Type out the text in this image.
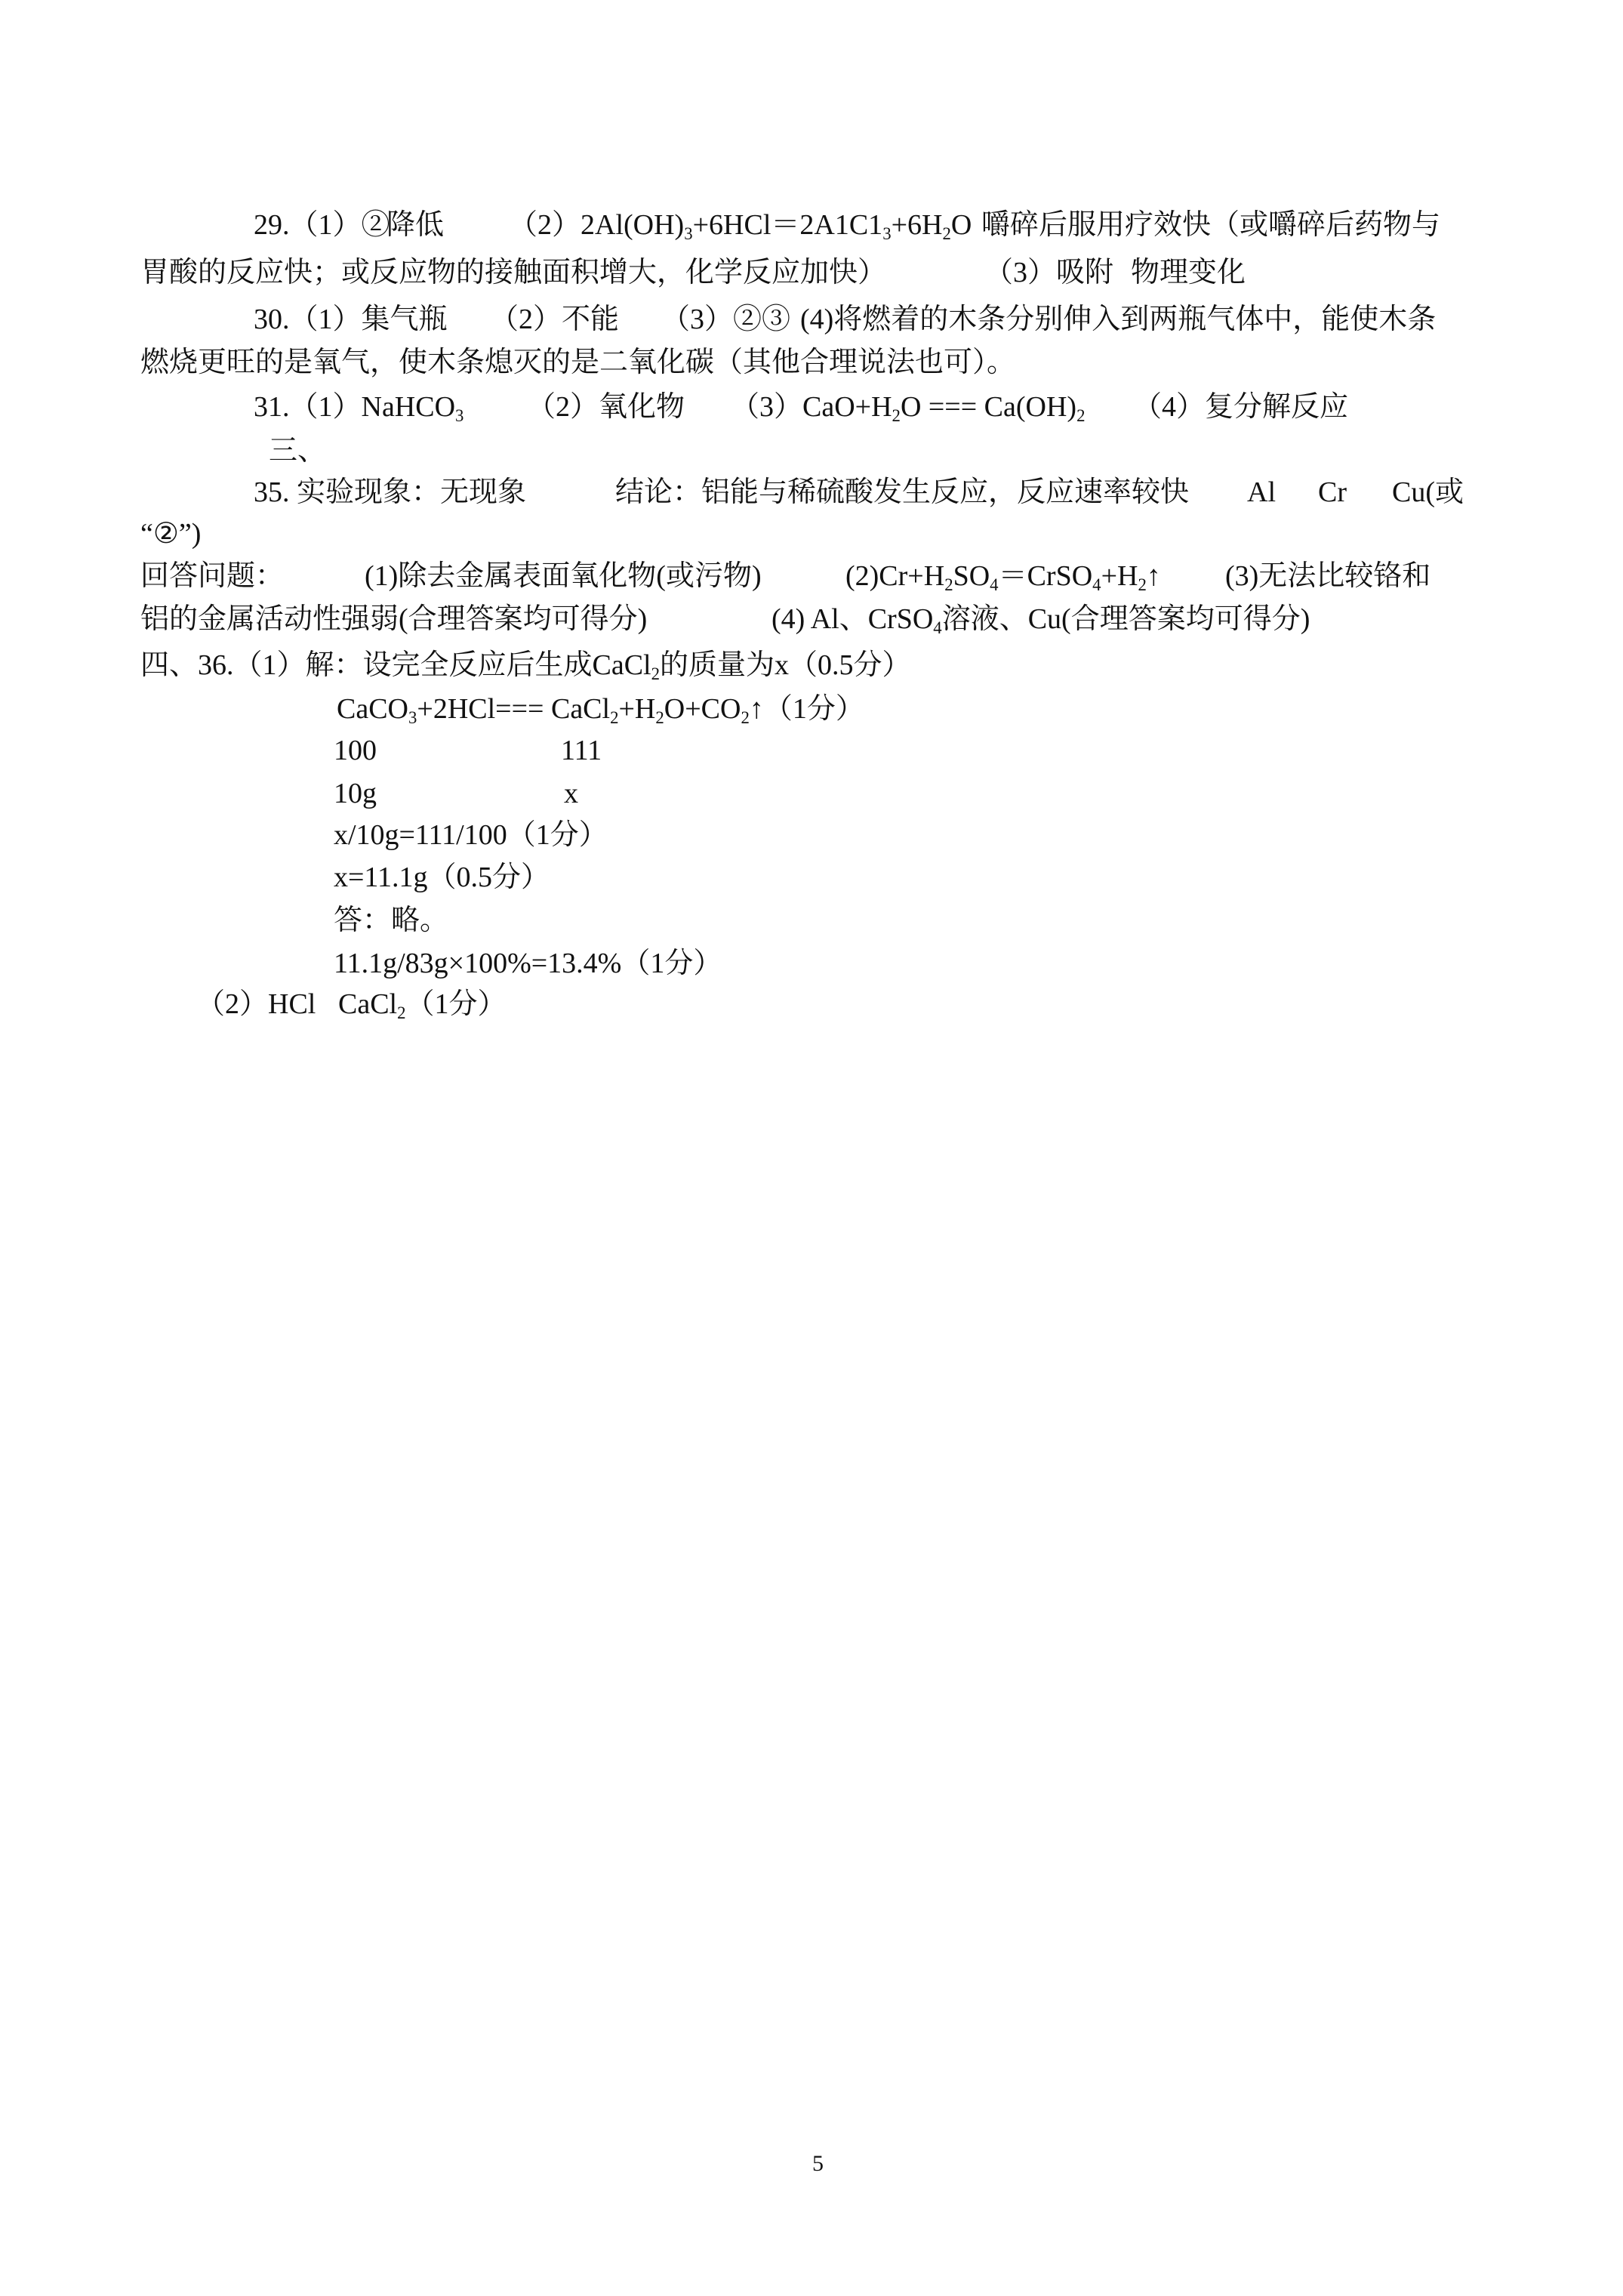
29.（1）②
降低 $(2)2Al(OH)_3+6HCl=2A1C1_3+6H_2O$ 嚼碎后服用疗效快（或嚼碎后药物与
胃酸的反应快；或反应物的接触面积增大，化学反应加快）	（3）吸附 物理变化
30.（1）集气瓶 （2）不能 （3）②③ (4)将燃着的木条分别伸入到两瓶气体中，能使木条
燃烧更旺的是氧气，使木条熄灭的是二氧化碳（其他合理说法也可）。
31.（1）NaHCO$_3$ （2）氧化物 $(3)CaO+H_2O$ === $Ca(OH)_2$ （4）复分解反应
三、
35. 实验现象：无现象	结论：铝能与稀硫酸发生反应，反应速率较快 Al Cr Cu(或
“②”)
回答问题：	(1)除去金属表面氧化物(或污物)	$(2)Cr+H_2SO_4=CrSO_4+H_2↑$ (3)无法比较铬和
铝的金属活动性强弱(合理答案均可得分)	(4) Al、CrSO$_4$溶液、Cu(合理答案均可得分)
四、36.（1）解：设完全反应后生成CaCl$_2$的质量为x（0.5分）
CaCO$_3$+2HCl=== $CaCl_2+H_2O+CO_2↑(1$分）
100	111
10g	x
x/10g=111/100（1分）
x=11.1g（0.5分）
答：略。
11.1g/83g×100%=13.4%（1分）
（2）HCl CaCl$_2$（1分）
5
